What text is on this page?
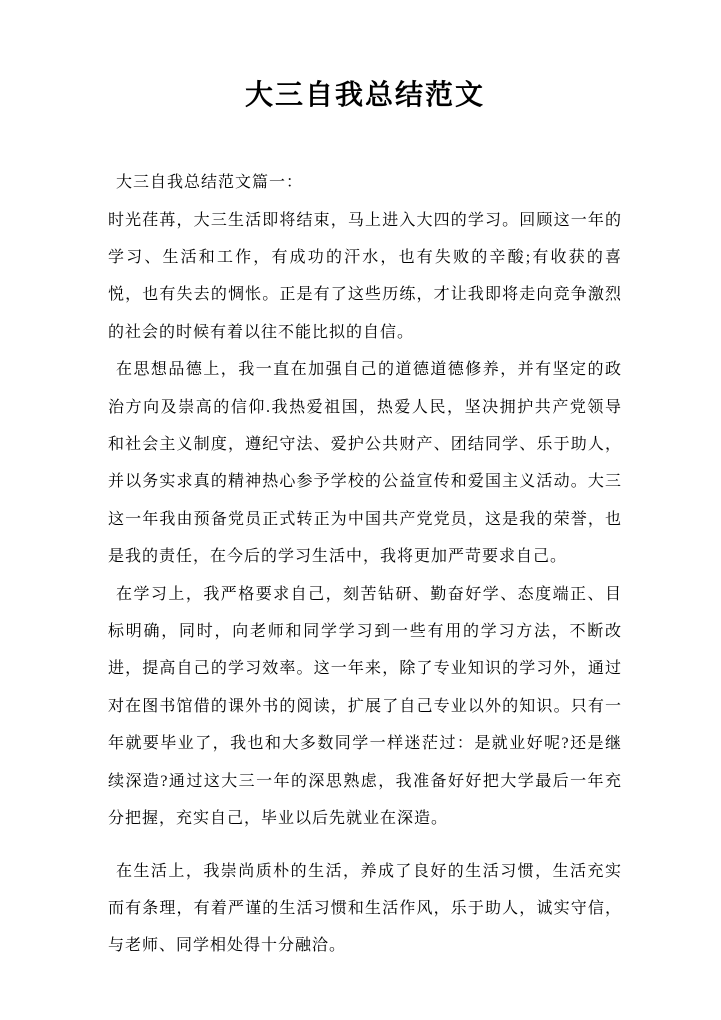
大三自我总结范文

大三自我总结范文篇一：

时光荏苒，大三生活即将结束，马上进入大四的学习。回顾这一年的学习、生活和工作，有成功的汗水，也有失败的辛酸;有收获的喜悦，也有失去的惆怅。正是有了这些历练，才让我即将走向竞争激烈的社会的时候有着以往不能比拟的自信。

在思想品德上，我一直在加强自己的道德道德修养，并有坚定的政治方向及崇高的信仰.我热爱祖国，热爱人民，坚决拥护共产党领导和社会主义制度，遵纪守法、爱护公共财产、团结同学、乐于助人，并以务实求真的精神热心参予学校的公益宣传和爱国主义活动。大三这一年我由预备党员正式转正为中国共产党党员，这是我的荣誉，也是我的责任，在今后的学习生活中，我将更加严苛要求自己。

在学习上，我严格要求自己，刻苦钻研、勤奋好学、态度端正、目标明确，同时，向老师和同学学习到一些有用的学习方法，不断改进，提高自己的学习效率。这一年来，除了专业知识的学习外，通过对在图书馆借的课外书的阅读，扩展了自己专业以外的知识。只有一年就要毕业了，我也和大多数同学一样迷茫过：是就业好呢?还是继续深造?通过这大三一年的深思熟虑，我准备好好把大学最后一年充分把握，充实自己，毕业以后先就业在深造。

在生活上，我崇尚质朴的生活，养成了良好的生活习惯，生活充实而有条理，有着严谨的生活习惯和生活作风，乐于助人，诚实守信，与老师、同学相处得十分融洽。
